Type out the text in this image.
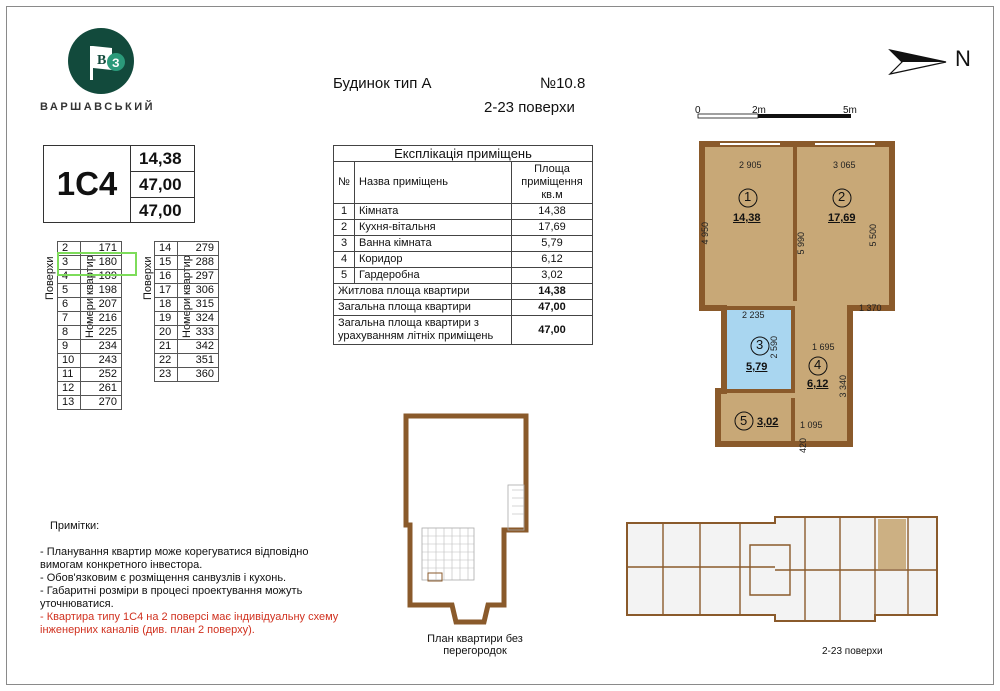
В З
ВАРШАВСЬКИЙ
Будинок тип А	№10.8
2-23 поверхи
N
0	2m	5m
1С4
14,38
47,00
47,00
Поверхи	Номери квартир
2	171
3	180
4	189
5	198
6	207
7	216
8	225
9	234
10	243
11	252
12	261
13	270
Поверхи Номери квартир
14	279
15	288
16	297
17	306
18	315
19	324
20	333
21	342
22	351
23	360
Експлікація приміщень		
№	Назва приміщень	Площа приміщення кв.м
1	Кімната	14,38
2	Кухня-вітальня	17,69
3	Ванна кімната	5,79
4	Коридор	6,12
5	Гардеробна	3,02
Житлова площа квартири		14,38
Загальна площа квартири		47,00
Загальна площа квартири з урахуванням літніх приміщень		47,00

Примітки:

- Планування квартир може корегуватися відповідно вимогам конкретного інвестора.

- Обов'язковим є розміщення санвузлів і кухонь.

- Габаритні розміри в процесі проектування можуть уточнюватися.

- Квартира типу 1С4 на 2 поверсі має індивідуальну схему інженерних каналів (див. план 2 поверху).

1
14,38
2
17,69
3
5,79	4
6,12
5 3,02
2 905	3 065
4 950	5 990	5 500
1 370
2 235
2 590	1 695
3 340
1 095
420
План квартири без перегородок	2-23 поверхи
